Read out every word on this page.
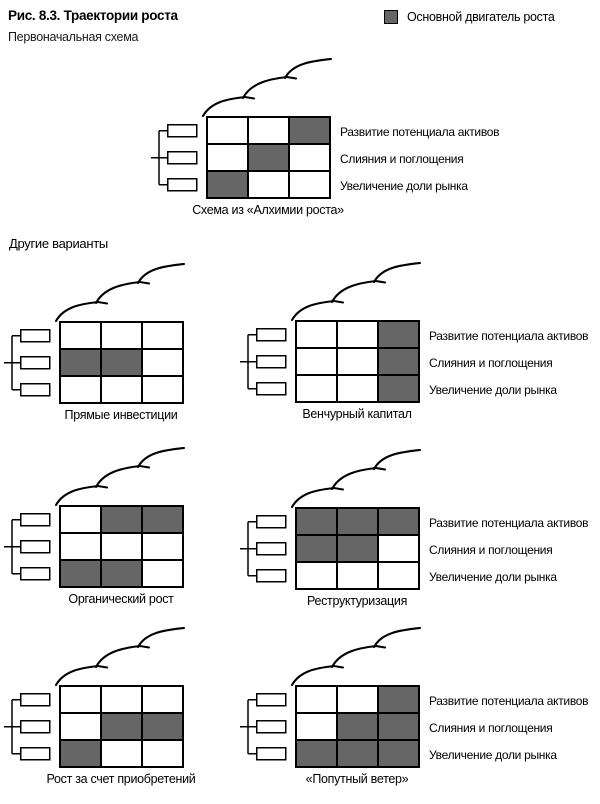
Рис. 8.3. Траектории роста
Первоначальная схема
Основной двигатель роста
Другие варианты
Развитие потенциала активов
Слияния и поглощения
Увеличение доли рынка
Схема из «Алхимии роста»
Прямые инвестиции
Развитие потенциала активов
Слияния и поглощения
Увеличение доли рынка
Венчурный капитал
Органический рост
Развитие потенциала активов
Слияния и поглощения
Увеличение доли рынка
Реструктуризация
Рост за счет приобретений
Развитие потенциала активов
Слияния и поглощения
Увеличение доли рынка
«Попутный ветер»
